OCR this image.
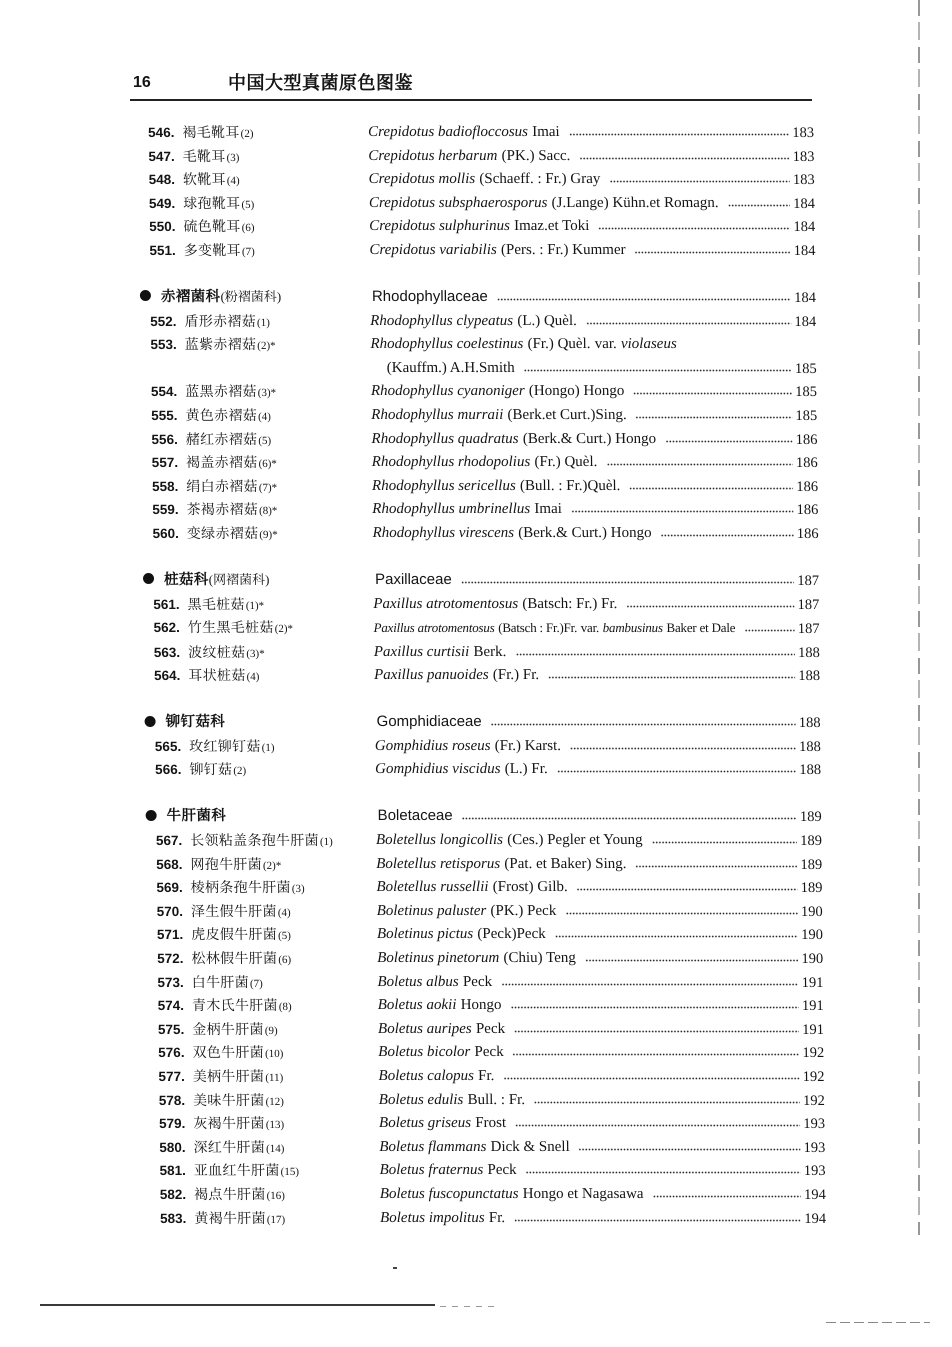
16	中国大型真菌原色图鉴
546. 褐毛靴耳(2)	Crepidotus badiofloccosus Imai	183
547. 毛靴耳(3)	Crepidotus herbarum (PK.) Sacc.	183
548. 软靴耳(4)	Crepidotus mollis (Schaeff. : Fr.) Gray	183
549. 球孢靴耳(5)	Crepidotus subsphaerosporus (J.Lange) Kühn.et Romagn.	184
550. 硫色靴耳(6)	Crepidotus sulphurinus Imaz.et Toki	184
551. 多变靴耳(7)	Crepidotus variabilis (Pers. : Fr.) Kummer	184
赤褶菌科(粉褶菌科)	Rhodophyllaceae	184
552. 盾形赤褶菇(1)	Rhodophyllus clypeatus (L.) Quèl.	184
553. 蓝紫赤褶菇(2)*	Rhodophyllus coelestinus (Fr.) Quèl. var. violaseus
(Kauffm.) A.H.Smith	185
554. 蓝黑赤褶菇(3)*	Rhodophyllus cyanoniger (Hongo) Hongo	185
555. 黄色赤褶菇(4)	Rhodophyllus murraii (Berk.et Curt.)Sing.	185
556. 赭红赤褶菇(5)	Rhodophyllus quadratus (Berk.& Curt.) Hongo	186
557. 褐盖赤褶菇(6)*	Rhodophyllus rhodopolius (Fr.) Quèl.	186
558. 绢白赤褶菇(7)*	Rhodophyllus sericellus (Bull. : Fr.)Quèl.	186
559. 茶褐赤褶菇(8)*	Rhodophyllus umbrinellus Imai	186
560. 变绿赤褶菇(9)*	Rhodophyllus virescens (Berk.& Curt.) Hongo	186
桩菇科(网褶菌科)	Paxillaceae	187
561. 黑毛桩菇(1)*	Paxillus atrotomentosus (Batsch: Fr.) Fr.	187
562. 竹生黑毛桩菇(2)*	Paxillus atrotomentosus (Batsch : Fr.)Fr. var. bambusinus Baker et Dale	187
563. 波纹桩菇(3)*	Paxillus curtisii Berk.	188
564. 耳状桩菇(4)	Paxillus panuoides (Fr.) Fr.	188
铆钉菇科	Gomphidiaceae	188
565. 玫红铆钉菇(1)	Gomphidius roseus (Fr.) Karst.	188
566. 铆钉菇(2)	Gomphidius viscidus (L.) Fr.	188
牛肝菌科	Boletaceae	189
567. 长领粘盖条孢牛肝菌(1)	Boletellus longicollis (Ces.) Pegler et Young	189
568. 网孢牛肝菌(2)*	Boletellus retisporus (Pat. et Baker) Sing.	189
569. 棱柄条孢牛肝菌(3)	Boletellus russellii (Frost) Gilb.	189
570. 泽生假牛肝菌(4)	Boletinus paluster (PK.) Peck	190
571. 虎皮假牛肝菌(5)	Boletinus pictus (Peck)Peck	190
572. 松林假牛肝菌(6)	Boletinus pinetorum (Chiu) Teng	190
573. 白牛肝菌(7)	Boletus albus Peck	191
574. 青木氏牛肝菌(8)	Boletus aokii Hongo	191
575. 金柄牛肝菌(9)	Boletus auripes Peck	191
576. 双色牛肝菌(10)	Boletus bicolor Peck	192
577. 美柄牛肝菌(11)	Boletus calopus Fr.	192
578. 美味牛肝菌(12)	Boletus edulis Bull. : Fr.	192
579. 灰褐牛肝菌(13)	Boletus griseus Frost	193
580. 深红牛肝菌(14)	Boletus flammans Dick & Snell	193
581. 亚血红牛肝菌(15)	Boletus fraternus Peck	193
582. 褐点牛肝菌(16)	Boletus fuscopunctatus Hongo et Nagasawa	194
583. 黄褐牛肝菌(17)	Boletus impolitus Fr.	194
